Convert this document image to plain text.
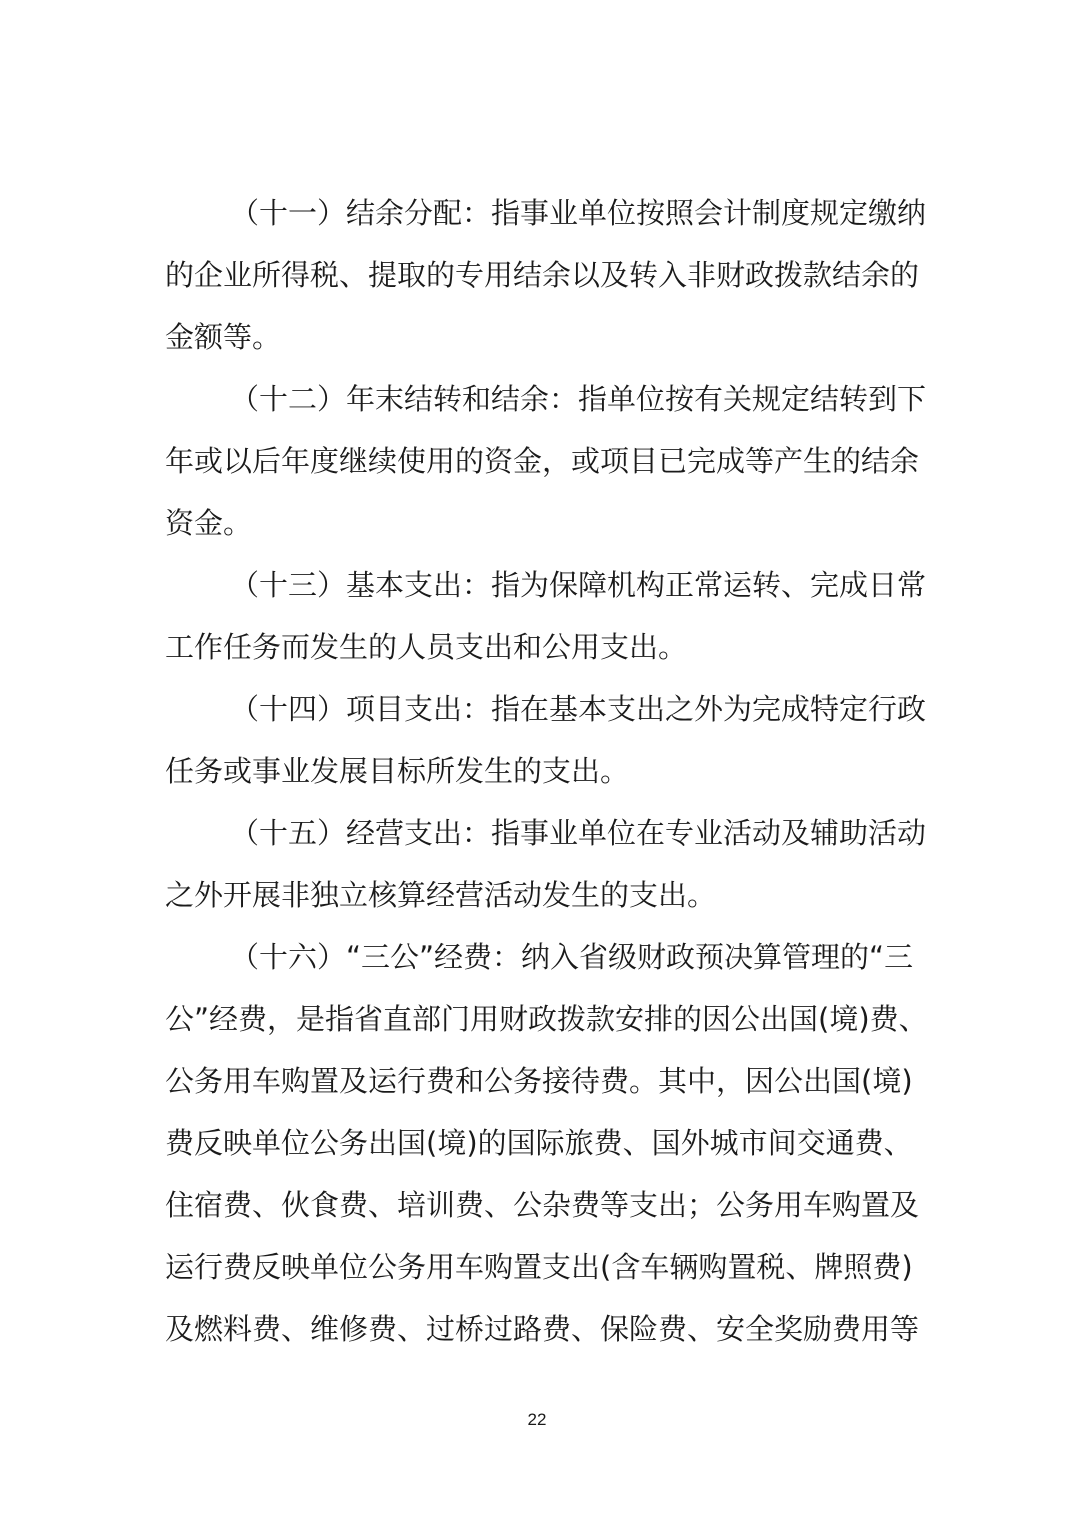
（十一）结余分配：指事业单位按照会计制度规定缴纳
的企业所得税、提取的专用结余以及转入非财政拨款结余的
金额等。
（十二）年末结转和结余：指单位按有关规定结转到下
年或以后年度继续使用的资金，或项目已完成等产生的结余
资金。
（十三）基本支出：指为保障机构正常运转、完成日常
工作任务而发生的人员支出和公用支出。
（十四）项目支出：指在基本支出之外为完成特定行政
任务或事业发展目标所发生的支出。
（十五）经营支出：指事业单位在专业活动及辅助活动
之外开展非独立核算经营活动发生的支出。
（十六）“三公”经费：纳入省级财政预决算管理的“三
公”经费，是指省直部门用财政拨款安排的因公出国(境)费、
公务用车购置及运行费和公务接待费。其中，因公出国(境)
费反映单位公务出国(境)的国际旅费、国外城市间交通费、
住宿费、伙食费、培训费、公杂费等支出；公务用车购置及
运行费反映单位公务用车购置支出(含车辆购置税、牌照费)
及燃料费、维修费、过桥过路费、保险费、安全奖励费用等
22
